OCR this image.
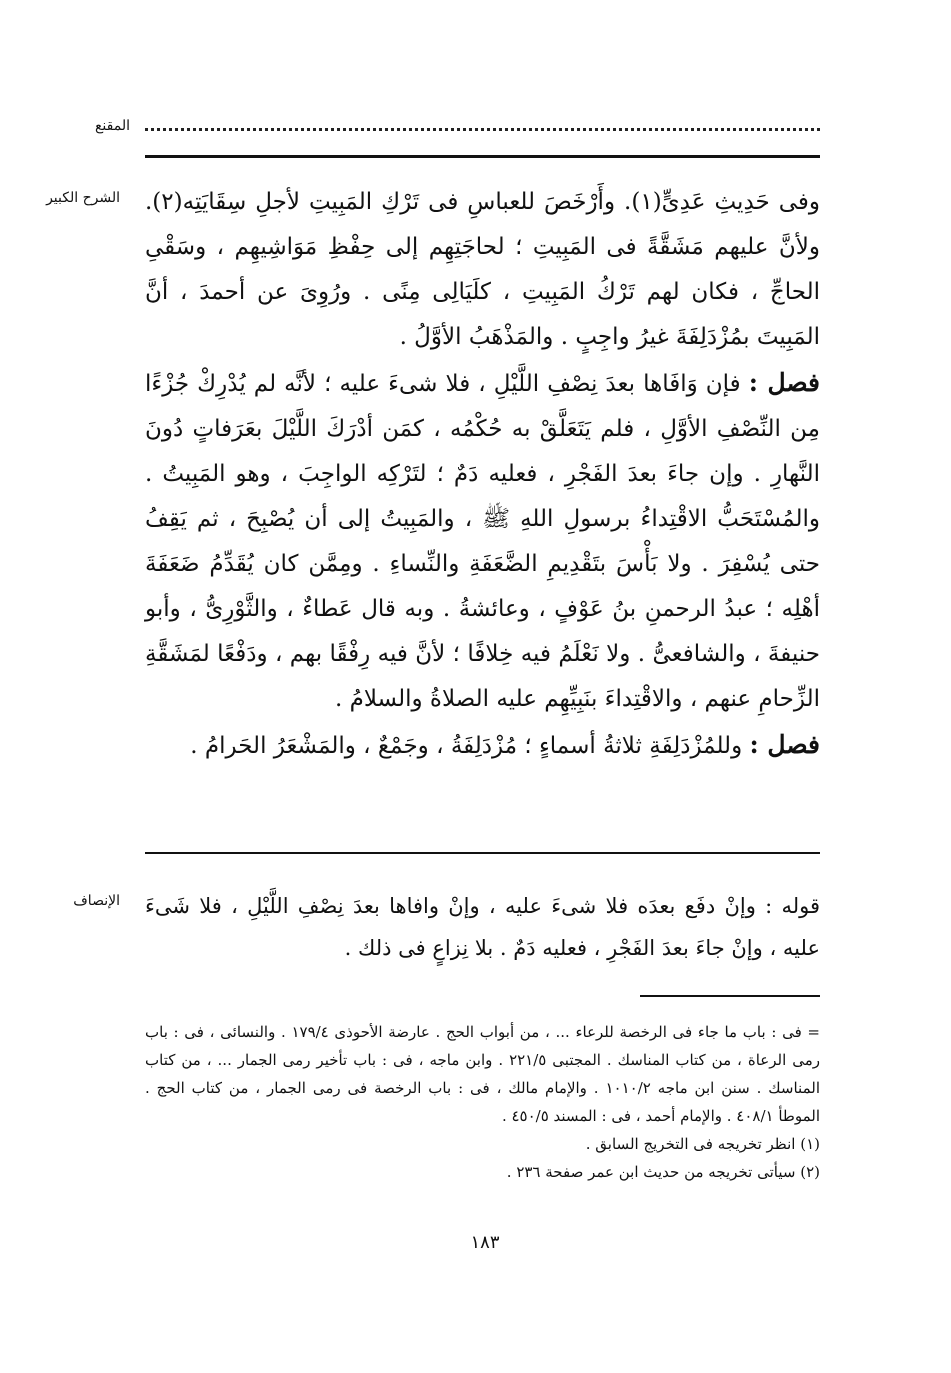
المقنع
الشرح الكبير وفى حَدِيثِ عَدِىٍّ(١). وأَرْخَصَ للعباسِ فى تَرْكِ المَبِيتِ لأجلِ سِقَايَتِه(٢). ولأنَّ عليهم مَشَقَّةً فى المَبِيتِ ؛ لحاجَتِهِم إلى حِفْظِ مَوَاشِيهِم ، وسَقْىِ الحاجِّ ، فكان لهم تَرْكُ المَبِيتِ ، كلَيَالِى مِنًى . ورُوِىَ عن أحمدَ ، أنَّ المَبِيتَ بمُزْدَلِفَةَ غيرُ واجِبٍ . والمَذْهَبُ الأوَّلُ .

فصل : فإن وَافَاها بعدَ نِصْفِ اللَّيْلِ ، فلا شىءَ عليه ؛ لأنَّه لم يُدْرِكْ جُزْءًا مِن النِّصْفِ الأوَّلِ ، فلم يَتَعَلَّقْ به حُكْمُه ، كمَن أدْرَكَ اللَّيْلَ بعَرَفاتٍ دُونَ النَّهارِ . وإن جاءَ بعدَ الفَجْرِ ، فعليه دَمٌ ؛ لتَرْكِه الواجِبَ ، وهو المَبِيتُ . والمُسْتَحَبُّ الاقْتِداءُ برسولِ اللهِ ﷺ ، والمَبِيتُ إلى أن يُصْبِحَ ، ثم يَقِفُ حتى يُسْفِرَ . ولا بَأْسَ بتَقْدِيمِ الضَّعَفَةِ والنِّساءِ . ومِمَّن كان يُقَدِّمُ ضَعَفَةَ أهْلِه ؛ عبدُ الرحمنِ بنُ عَوْفٍ ، وعائشةُ . وبه قال عَطاءٌ ، والثَّوْرِىُّ ، وأبو حنيفةَ ، والشافعىُّ . ولا نَعْلَمُ فيه خِلافًا ؛ لأنَّ فيه رِفْقًا بهم ، ودَفْعًا لمَشَقَّةِ الزِّحامِ عنهم ، والاقْتِداءَ بنَبِيِّهِم عليه الصلاةُ والسلامُ .

فصل : وللمُزْدَلِفَةِ ثلاثةُ أسماءٍ ؛ مُزْدَلِفَةُ ، وجَمْعٌ ، والمَشْعَرُ الحَرامُ .

الإنصاف قوله : وإنْ دفَع بعدَه فلا شىءَ عليه ، وإنْ وافاها بعدَ نِصْفِ اللَّيْلِ ، فلا شَىءَ عليه ، وإنْ جاءَ بعدَ الفَجْرِ ، فعليه دَمٌ . بلا نِزاعٍ فى ذلك .

= فى : باب ما جاء فى الرخصة للرعاء ... ، من أبواب الحج . عارضة الأحوذى ١٧٩/٤ . والنسائى ، فى : باب رمى الرعاة ، من كتاب المناسك . المجتبى ٢٢١/٥ . وابن ماجه ، فى : باب تأخير رمى الجمار ... ، من كتاب المناسك . سنن ابن ماجه ١٠١٠/٢ . والإمام مالك ، فى : باب الرخصة فى رمى الجمار ، من كتاب الحج . الموطأ ٤٠٨/١ . والإمام أحمد ، فى : المسند ٤٥٠/٥ .

(١) انظر تخريجه فى التخريج السابق .

(٢) سيأتى تخريجه من حديث ابن عمر صفحة ٢٣٦ .

١٨٣
